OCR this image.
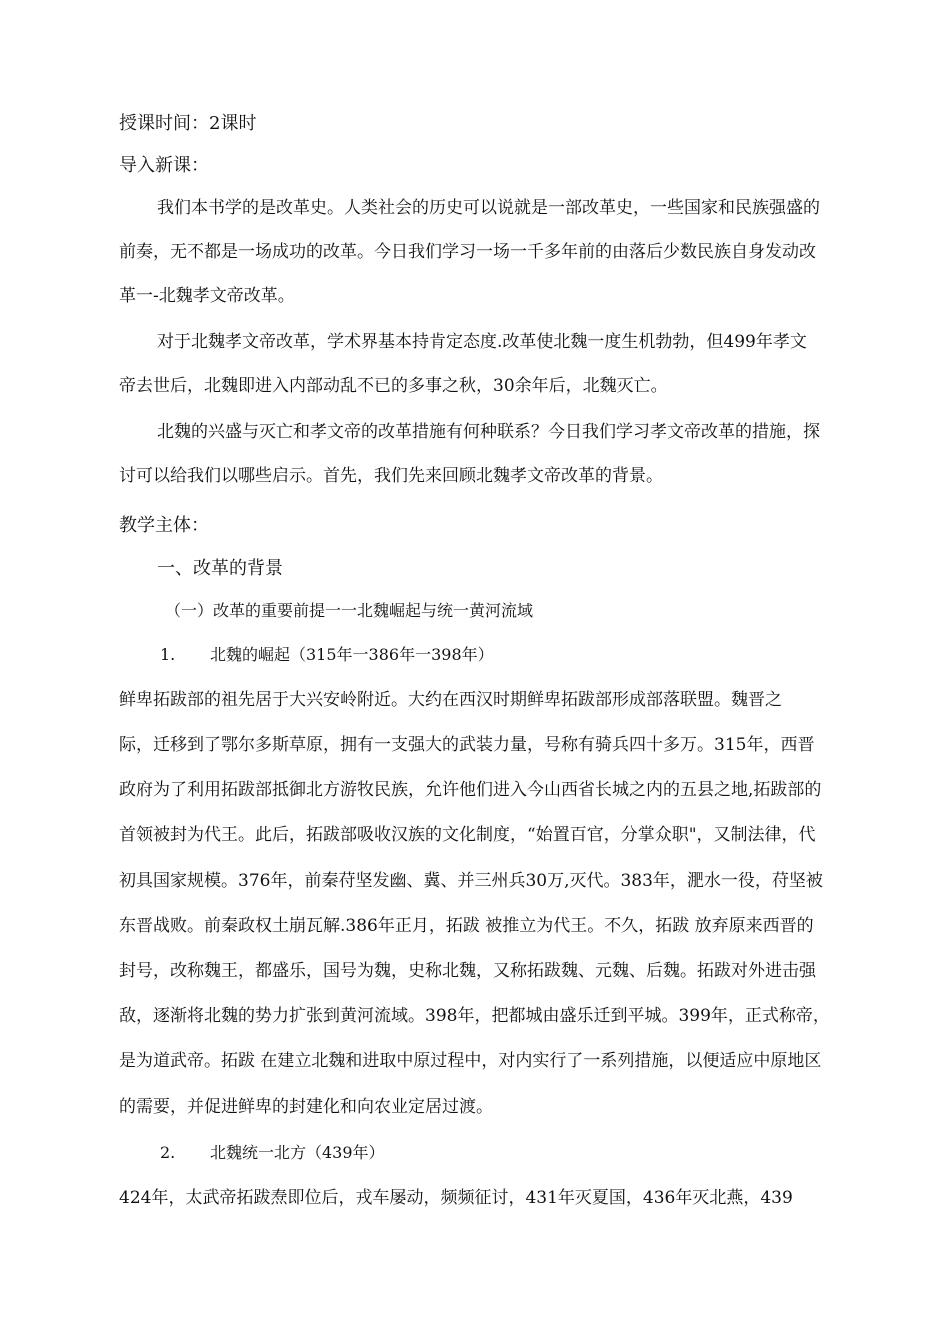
授课时间：2课时
导入新课：
我们本书学的是改革史。人类社会的历史可以说就是一部改革史，一些国家和民族强盛的
前奏，无不都是一场成功的改革。今日我们学习一场一千多年前的由落后少数民族自身发动改
革一-北魏孝文帝改革。
对于北魏孝文帝改革，学术界基本持肯定态度.改革使北魏一度生机勃勃，但499年孝文
帝去世后，北魏即进入内部动乱不已的多事之秋，30余年后，北魏灭亡。
北魏的兴盛与灭亡和孝文帝的改革措施有何种联系？今日我们学习孝文帝改革的措施，探
讨可以给我们以哪些启示。首先，我们先来回顾北魏孝文帝改革的背景。
教学主体：
一、改革的背景
（一）改革的重要前提一一北魏崛起与统一黄河流域
1. 北魏的崛起（315年一386年一398年）
鲜卑拓跋部的祖先居于大兴安岭附近。大约在西汉时期鲜卑拓跋部形成部落联盟。魏晋之
际，迁移到了鄂尔多斯草原，拥有一支强大的武装力量，号称有骑兵四十多万。315年，西晋
政府为了利用拓跋部抵御北方游牧民族，允许他们进入今山西省长城之内的五县之地,拓跋部的
首领被封为代王。此后，拓跋部吸收汉族的文化制度，“始置百官，分掌众职"，又制法律，代
初具国家规模。376年，前秦苻坚发幽、冀、并三州兵30万,灭代。383年，淝水一役，苻坚被
东晋战败。前秦政权土崩瓦解.386年正月，拓跋 被推立为代王。不久，拓跋 放弃原来西晋的
封号，改称魏王，都盛乐，国号为魏，史称北魏，又称拓跋魏、元魏、后魏。拓跋对外进击强
敌，逐渐将北魏的势力扩张到黄河流域。398年，把都城由盛乐迁到平城。399年，正式称帝，
是为道武帝。拓跋 在建立北魏和进取中原过程中，对内实行了一系列措施，以便适应中原地区
的需要，并促进鲜卑的封建化和向农业定居过渡。
2. 北魏统一北方（439年）
424年，太武帝拓跋焘即位后，戎车屡动，频频征讨，431年灭夏国，436年灭北燕，439
